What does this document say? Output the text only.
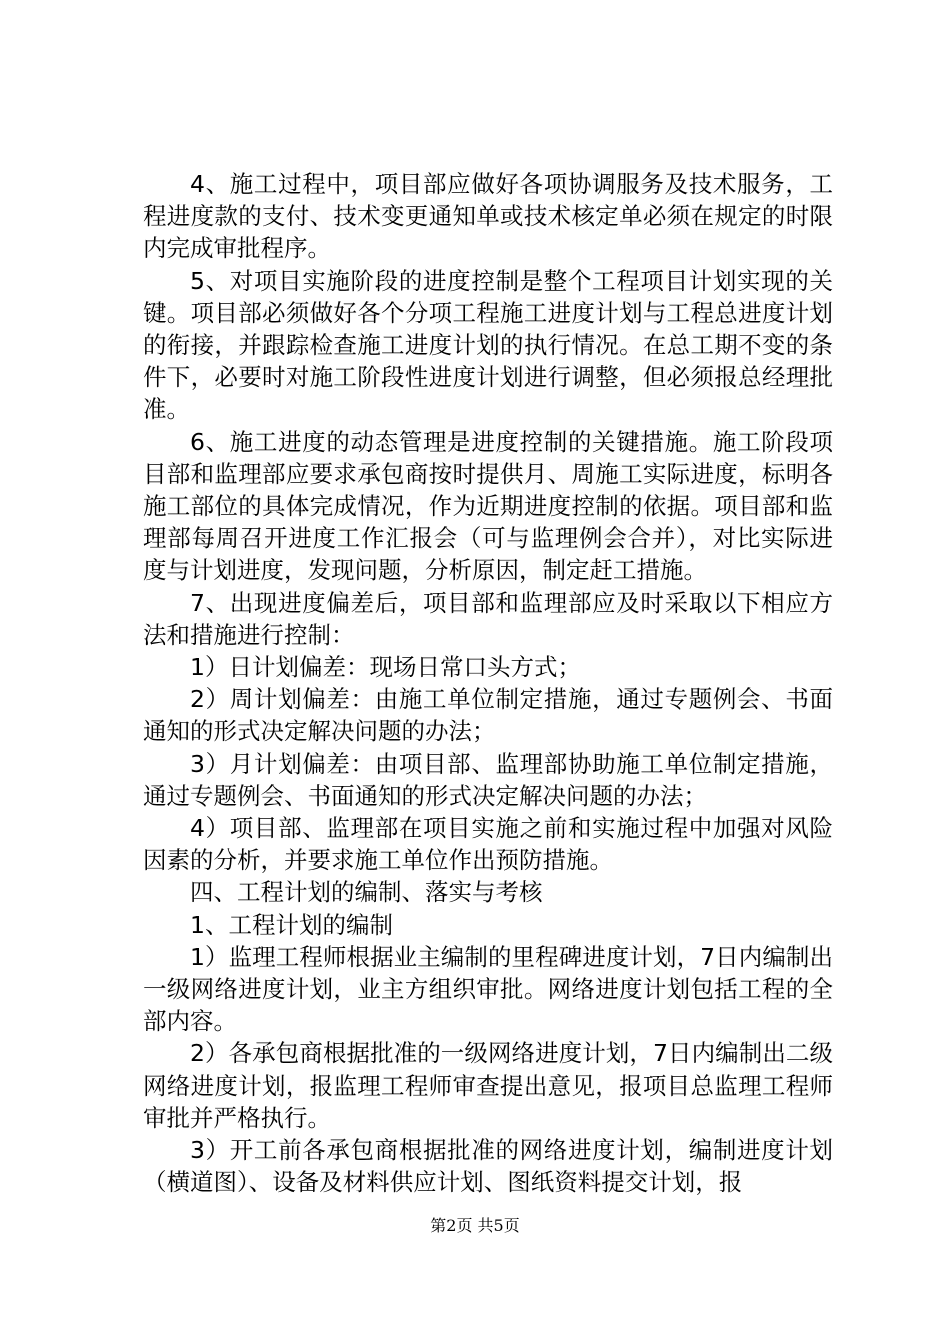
4、施工过程中，项目部应做好各项协调服务及技术服务，工程进度款的支付、技术变更通知单或技术核定单必须在规定的时限内完成审批程序。

5、对项目实施阶段的进度控制是整个工程项目计划实现的关键。项目部必须做好各个分项工程施工进度计划与工程总进度计划的衔接，并跟踪检查施工进度计划的执行情况。在总工期不变的条件下，必要时对施工阶段性进度计划进行调整，但必须报总经理批准。

6、施工进度的动态管理是进度控制的关键措施。施工阶段项目部和监理部应要求承包商按时提供月、周施工实际进度，标明各施工部位的具体完成情况，作为近期进度控制的依据。项目部和监理部每周召开进度工作汇报会（可与监理例会合并），对比实际进度与计划进度，发现问题，分析原因，制定赶工措施。

7、出现进度偏差后，项目部和监理部应及时采取以下相应方法和措施进行控制：

1）日计划偏差：现场日常口头方式；

2）周计划偏差：由施工单位制定措施，通过专题例会、书面通知的形式决定解决问题的办法；

3）月计划偏差：由项目部、监理部协助施工单位制定措施，通过专题例会、书面通知的形式决定解决问题的办法；

4）项目部、监理部在项目实施之前和实施过程中加强对风险因素的分析，并要求施工单位作出预防措施。

四、工程计划的编制、落实与考核

1、工程计划的编制

1）监理工程师根据业主编制的里程碑进度计划，7日内编制出一级网络进度计划，业主方组织审批。网络进度计划包括工程的全部内容。

2）各承包商根据批准的一级网络进度计划，7日内编制出二级网络进度计划，报监理工程师审查提出意见，报项目总监理工程师审批并严格执行。

3）开工前各承包商根据批准的网络进度计划，编制进度计划（横道图）、设备及材料供应计划、图纸资料提交计划，报

第2页 共5页
